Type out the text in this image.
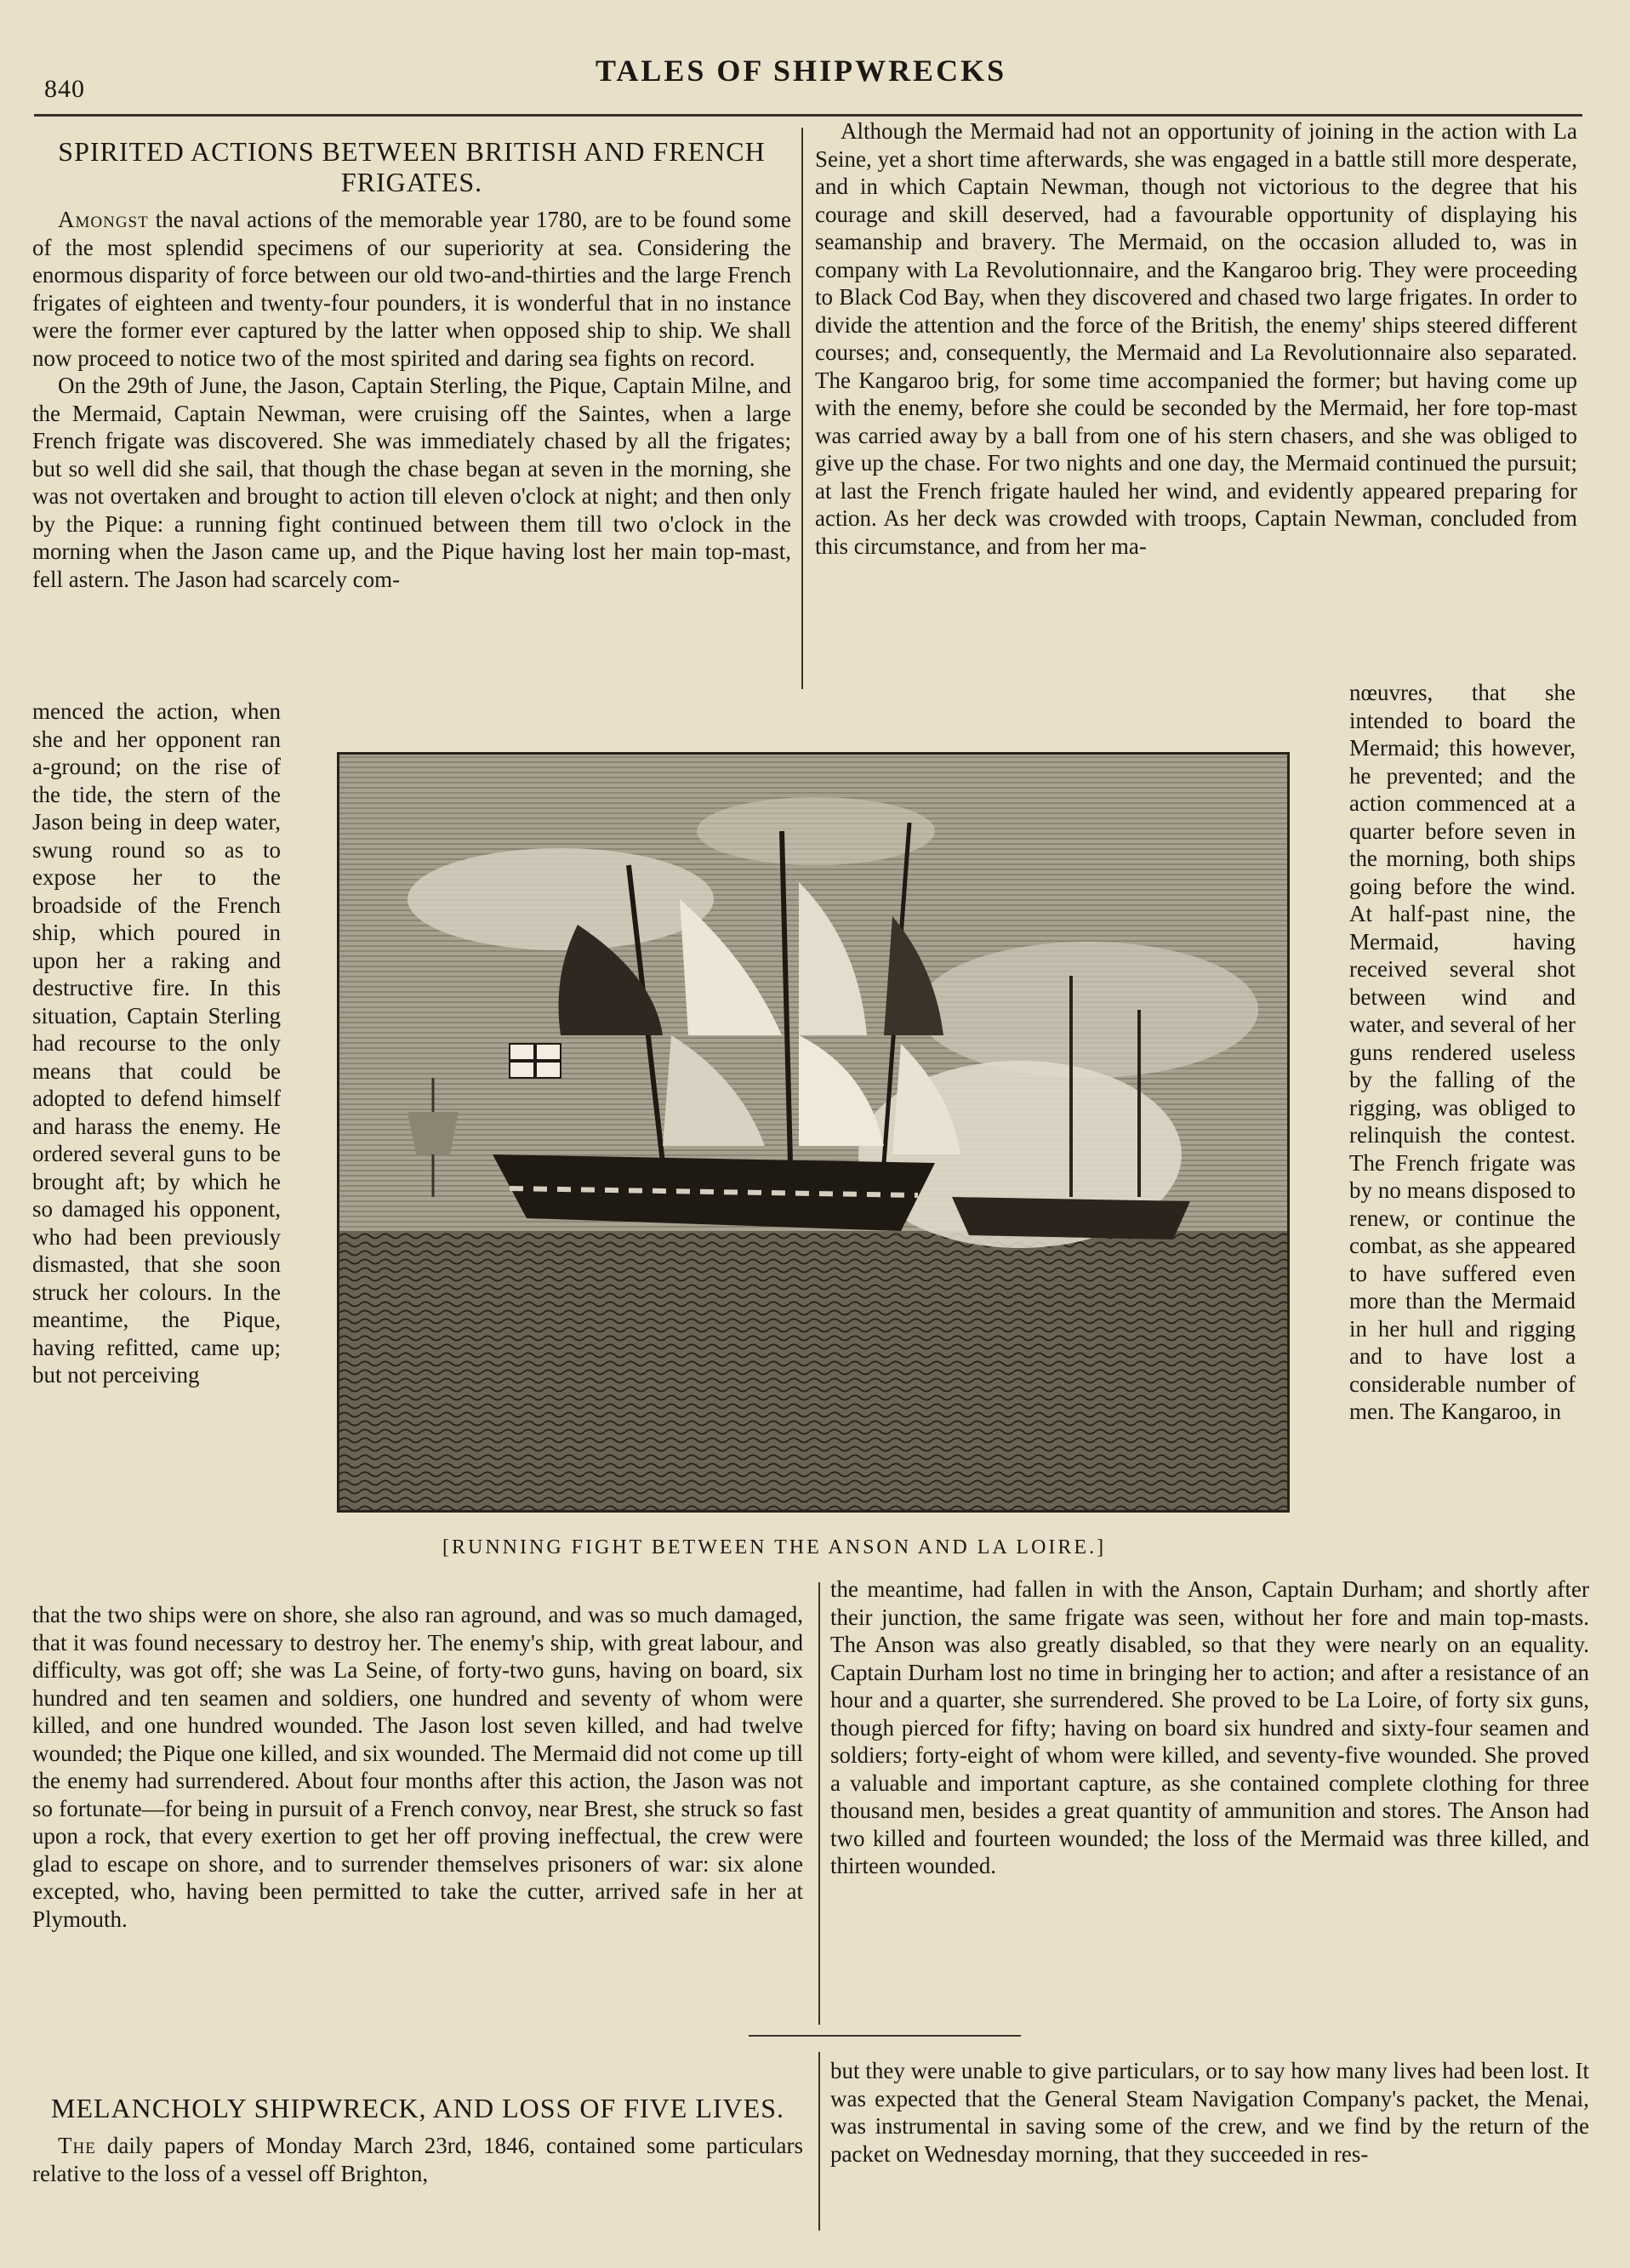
840
TALES OF SHIPWRECKS
SPIRITED ACTIONS BETWEEN BRITISH AND FRENCH FRIGATES.

Amongst the naval actions of the memorable year 1780, are to be found some of the most splendid specimens of our superiority at sea. Considering the enormous disparity of force between our old two-and-thirties and the large French frigates of eighteen and twenty-four pounders, it is wonderful that in no instance were the former ever captured by the latter when opposed ship to ship. We shall now proceed to notice two of the most spirited and daring sea fights on record.

On the 29th of June, the Jason, Captain Sterling, the Pique, Captain Milne, and the Mermaid, Captain Newman, were cruising off the Saintes, when a large French frigate was discovered. She was immediately chased by all the frigates; but so well did she sail, that though the chase began at seven in the morning, she was not overtaken and brought to action till eleven o'clock at night; and then only by the Pique: a running fight continued between them till two o'clock in the morning when the Jason came up, and the Pique having lost her main top-mast, fell astern. The Jason had scarcely com-

Although the Mermaid had not an opportunity of joining in the action with La Seine, yet a short time afterwards, she was engaged in a battle still more desperate, and in which Captain Newman, though not victorious to the degree that his courage and skill deserved, had a favourable opportunity of displaying his seamanship and bravery. The Mermaid, on the occasion alluded to, was in company with La Revolutionnaire, and the Kangaroo brig. They were proceeding to Black Cod Bay, when they discovered and chased two large frigates. In order to divide the attention and the force of the British, the enemy' ships steered different courses; and, consequently, the Mermaid and La Revolutionnaire also separated. The Kangaroo brig, for some time accompanied the former; but having come up with the enemy, before she could be seconded by the Mermaid, her fore top-mast was carried away by a ball from one of his stern chasers, and she was obliged to give up the chase. For two nights and one day, the Mermaid continued the pursuit; at last the French frigate hauled her wind, and evidently appeared preparing for action. As her deck was crowded with troops, Captain Newman, concluded from this circumstance, and from her ma-

menced the action, when she and her opponent ran a-ground; on the rise of the tide, the stern of the Jason being in deep water, swung round so as to expose her to the broadside of the French ship, which poured in upon her a raking and destructive fire. In this situation, Captain Sterling had recourse to the only means that could be adopted to defend himself and harass the enemy. He ordered several guns to be brought aft; by which he so damaged his opponent, who had been previously dismasted, that she soon struck her colours. In the meantime, the Pique, having refitted, came up; but not perceiving
nœuvres, that she intended to board the Mermaid; this however, he prevented; and the action commenced at a quarter before seven in the morning, both ships going before the wind. At half-past nine, the Mermaid, having received several shot between wind and water, and several of her guns rendered useless by the falling of the rigging, was obliged to relinquish the contest. The French frigate was by no means disposed to renew, or continue the combat, as she appeared to have suffered even more than the Mermaid in her hull and rigging and to have lost a considerable number of men. The Kangaroo, in
[RUNNING FIGHT BETWEEN THE ANSON AND LA LOIRE.]

that the two ships were on shore, she also ran aground, and was so much damaged, that it was found necessary to destroy her. The enemy's ship, with great labour, and difficulty, was got off; she was La Seine, of forty-two guns, having on board, six hundred and ten seamen and soldiers, one hundred and seventy of whom were killed, and one hundred wounded. The Jason lost seven killed, and had twelve wounded; the Pique one killed, and six wounded. The Mermaid did not come up till the enemy had surrendered. About four months after this action, the Jason was not so fortunate—for being in pursuit of a French convoy, near Brest, she struck so fast upon a rock, that every exertion to get her off proving ineffectual, the crew were glad to escape on shore, and to surrender themselves prisoners of war: six alone excepted, who, having been permitted to take the cutter, arrived safe in her at Plymouth.

the meantime, had fallen in with the Anson, Captain Durham; and shortly after their junction, the same frigate was seen, without her fore and main top-masts. The Anson was also greatly disabled, so that they were nearly on an equality. Captain Durham lost no time in bringing her to action; and after a resistance of an hour and a quarter, she surrendered. She proved to be La Loire, of forty six guns, though pierced for fifty; having on board six hundred and sixty-four seamen and soldiers; forty-eight of whom were killed, and seventy-five wounded. She proved a valuable and important capture, as she contained complete clothing for three thousand men, besides a great quantity of ammunition and stores. The Anson had two killed and fourteen wounded; the loss of the Mermaid was three killed, and thirteen wounded.

MELANCHOLY SHIPWRECK, AND LOSS OF FIVE LIVES.

The daily papers of Monday March 23rd, 1846, contained some particulars relative to the loss of a vessel off Brighton,

but they were unable to give particulars, or to say how many lives had been lost. It was expected that the General Steam Navigation Company's packet, the Menai, was instrumental in saving some of the crew, and we find by the return of the packet on Wednesday morning, that they succeeded in res-
